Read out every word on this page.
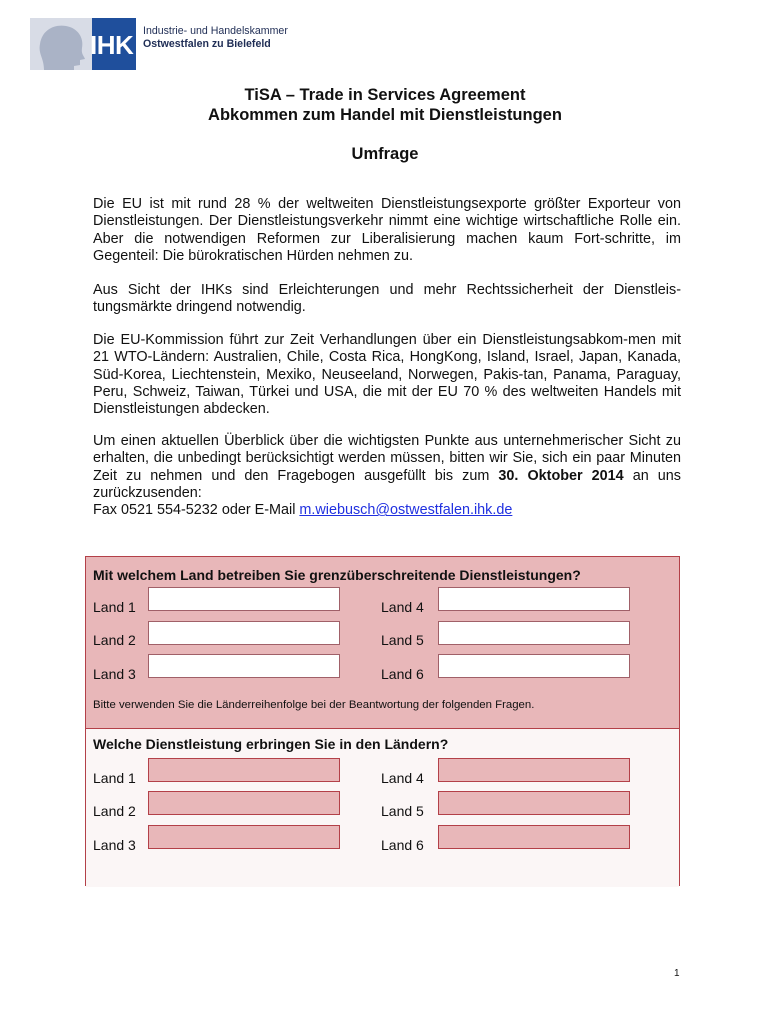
IHK Industrie- und Handelskammer
Ostwestfalen zu Bielefeld
TiSA – Trade in Services Agreement
Abkommen zum Handel mit Dienstleistungen
Umfrage
Die EU ist mit rund 28 % der weltweiten Dienstleistungsexporte größter Exporteur von Dienstleistungen. Der Dienstleistungsverkehr nimmt eine wichtige wirtschaftliche Rolle ein. Aber die notwendigen Reformen zur Liberalisierung machen kaum Fort-schritte, im Gegenteil: Die bürokratischen Hürden nehmen zu.
Aus Sicht der IHKs sind Erleichterungen und mehr Rechtssicherheit der Dienstleis-tungsmärkte dringend notwendig.
Die EU-Kommission führt zur Zeit Verhandlungen über ein Dienstleistungsabkom-men mit 21 WTO-Ländern: Australien, Chile, Costa Rica, HongKong, Island, Israel, Japan, Kanada, Süd-Korea, Liechtenstein, Mexiko, Neuseeland, Norwegen, Pakis-tan, Panama, Paraguay, Peru, Schweiz, Taiwan, Türkei und USA, die mit der EU 70 % des weltweiten Handels mit Dienstleistungen abdecken.
Um einen aktuellen Überblick über die wichtigsten Punkte aus unternehmerischer Sicht zu erhalten, die unbedingt berücksichtigt werden müssen, bitten wir Sie, sich ein paar Minuten Zeit zu nehmen und den Fragebogen ausgefüllt bis zum 30. Oktober 2014 an uns zurückzusenden:
Fax 0521 554-5232 oder E-Mail m.wiebusch@ostwestfalen.ihk.de
Mit welchem Land betreiben Sie grenzüberschreitende Dienstleistungen?
Land 1	Land 4
Land 2	Land 5
Land 3	Land 6
Bitte verwenden Sie die Länderreihenfolge bei der Beantwortung der folgenden Fragen.
Welche Dienstleistung erbringen Sie in den Ländern?
Land 1	Land 4
Land 2	Land 5
Land 3	Land 6
1
